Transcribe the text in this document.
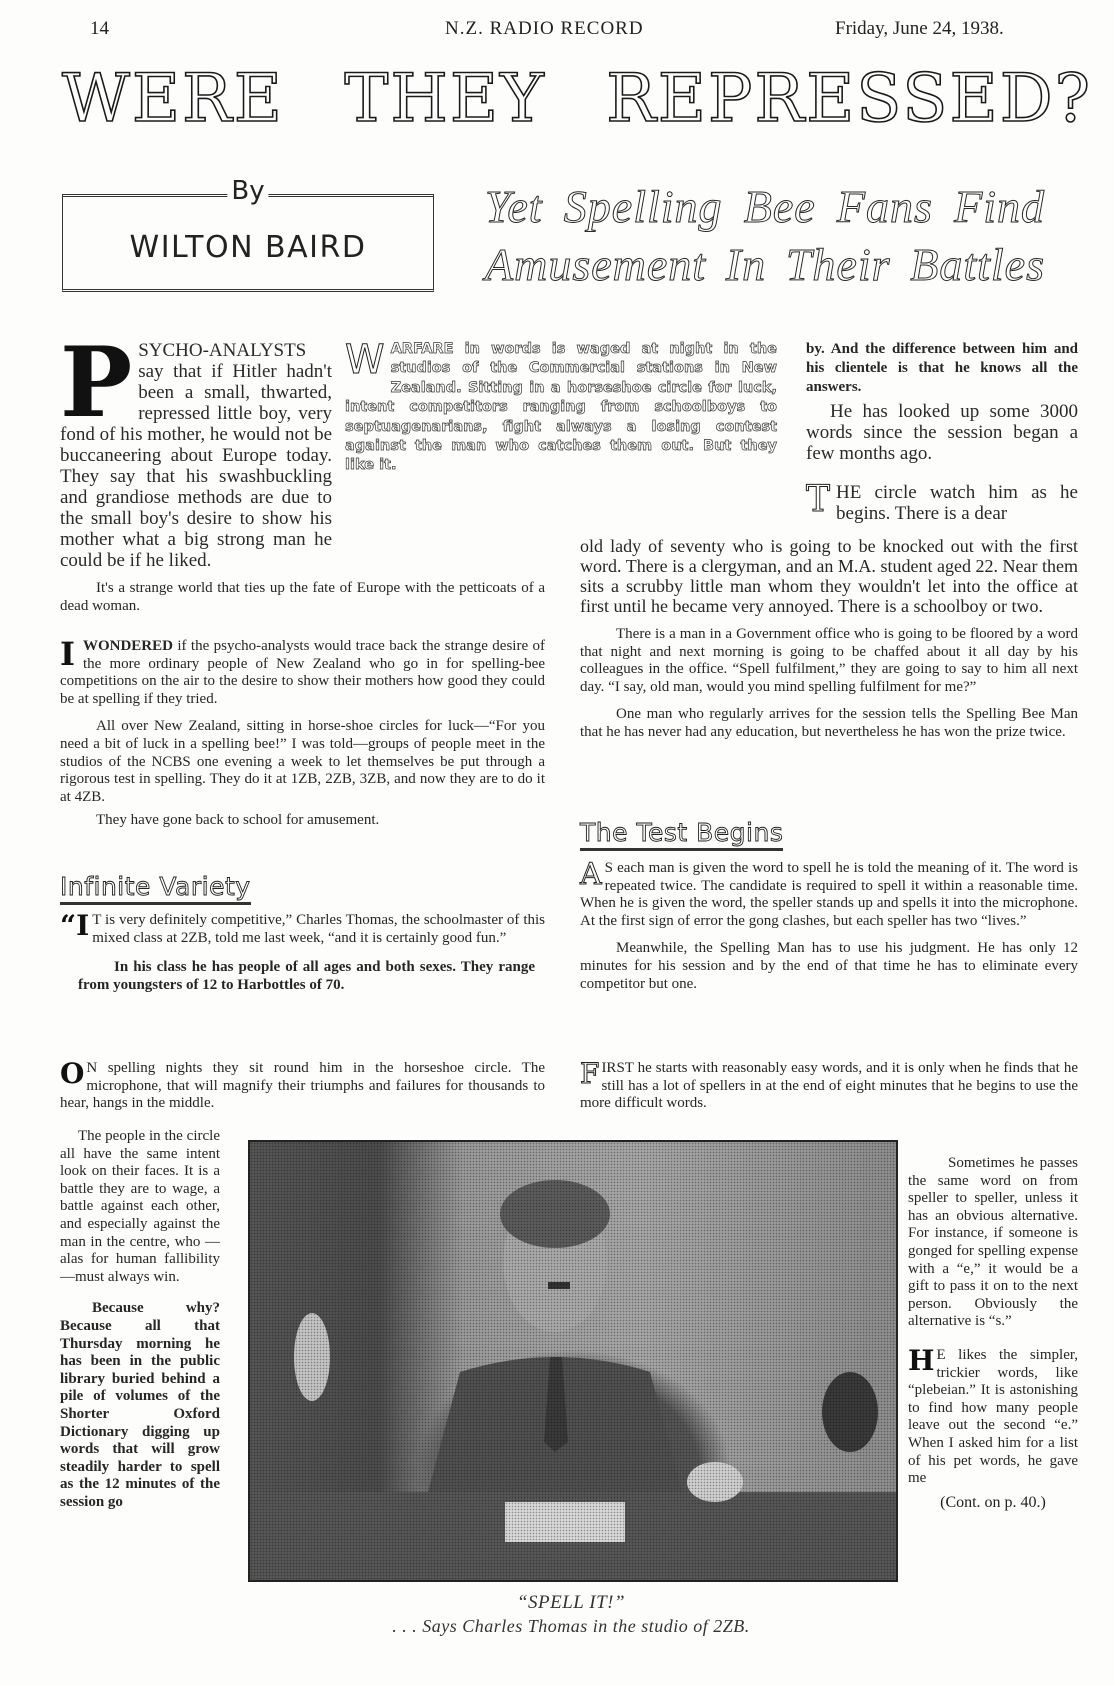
14	N.Z. RADIO RECORD	Friday, June 24, 1938.
WERE THEY REPRESSED?
By
WILTON BAIRD
Yet Spelling Bee Fans Find
Amusement In Their Battles
P SYCHO-ANALYSTS say that if Hitler hadn't been a small, thwarted, repressed little boy, very fond of his mother, he would not be buccaneering about Europe today. They say that his swashbuckling and grandiose methods are due to the small boy's desire to show his mother what a big strong man he could be if he liked.

It's a strange world that ties up the fate of Europe with the petticoats of a dead woman.

W ARFARE in words is waged at night in the studios of the Commercial stations in New Zealand. Sitting in a horseshoe circle for luck, intent competitors ranging from schoolboys to septuagenarians, fight always a losing contest against the man who catches them out. But they like it.

by. And the difference between him and his clientele is that he knows all the answers.

He has looked up some 3000 words since the session began a few months ago.

T HE circle watch him as he begins. There is a dear

old lady of seventy who is going to be knocked out with the first word. There is a clergyman, and an M.A. student aged 22. Near them sits a scrubby little man whom they wouldn't let into the office at first until he became very annoyed. There is a schoolboy or two.

There is a man in a Government office who is going to be floored by a word that night and next morning is going to be chaffed about it all day by his colleagues in the office. “Spell fulfilment,” they are going to say to him all next day. “I say, old man, would you mind spelling fulfilment for me?”

One man who regularly arrives for the session tells the Spelling Bee Man that he has never had any education, but nevertheless he has won the prize twice.

IWONDERED if the psycho-analysts would trace back the strange desire of the more ordinary people of New Zealand who go in for spelling-bee competitions on the air to the desire to show their mothers how good they could be at spelling if they tried.

All over New Zealand, sitting in horse-shoe circles for luck—“For you need a bit of luck in a spelling bee!” I was told—groups of people meet in the studios of the NCBS one evening a week to let themselves be put through a rigorous test in spelling. They do it at 1ZB, 2ZB, 3ZB, and now they are to do it at 4ZB.

They have gone back to school for amusement.

Infinite Variety

“I T is very definitely competitive,” Charles Thomas, the schoolmaster of this mixed class at 2ZB, told me last week, “and it is certainly good fun.”

In his class he has people of all ages and both sexes. They range from youngsters of 12 to Harbottles of 70.

The Test Begins

A S each man is given the word to spell he is told the meaning of it. The word is repeated twice. The candidate is required to spell it within a reasonable time. When he is given the word, the speller stands up and spells it into the microphone. At the first sign of error the gong clashes, but each speller has two “lives.”

Meanwhile, the Spelling Man has to use his judgment. He has only 12 minutes for his session and by the end of that time he has to eliminate every competitor but one.

O N spelling nights they sit round him in the horseshoe circle. The microphone, that will magnify their triumphs and failures for thousands to hear, hangs in the middle.

The people in the circle all have the same intent look on their faces. It is a battle they are to wage, a battle against each other, and especially against the man in the centre, who — alas for human fallibility—must always win.

Because why? Because all that Thursday morning he has been in the public library buried behind a pile of volumes of the Shorter Oxford Dictionary digging up words that will grow steadily harder to spell as the 12 minutes of the session go

FIRST he starts with reasonably easy words, and it is only when he finds that he still has a lot of spellers in at the end of eight minutes that he begins to use the more difficult words.

Sometimes he passes the same word on from speller to speller, unless it has an obvious alternative. For instance, if someone is gonged for spelling expense with a “e,” it would be a gift to pass it on to the next person. Obviously the alternative is “s.”

H E likes the simpler, trickier words, like “plebeian.” It is astonishing to find how many people leave out the second “e.” When I asked him for a list of his pet words, he gave me

(Cont. on p. 40.)

“SPELL IT!”
. . . Says Charles Thomas in the studio of 2ZB.
